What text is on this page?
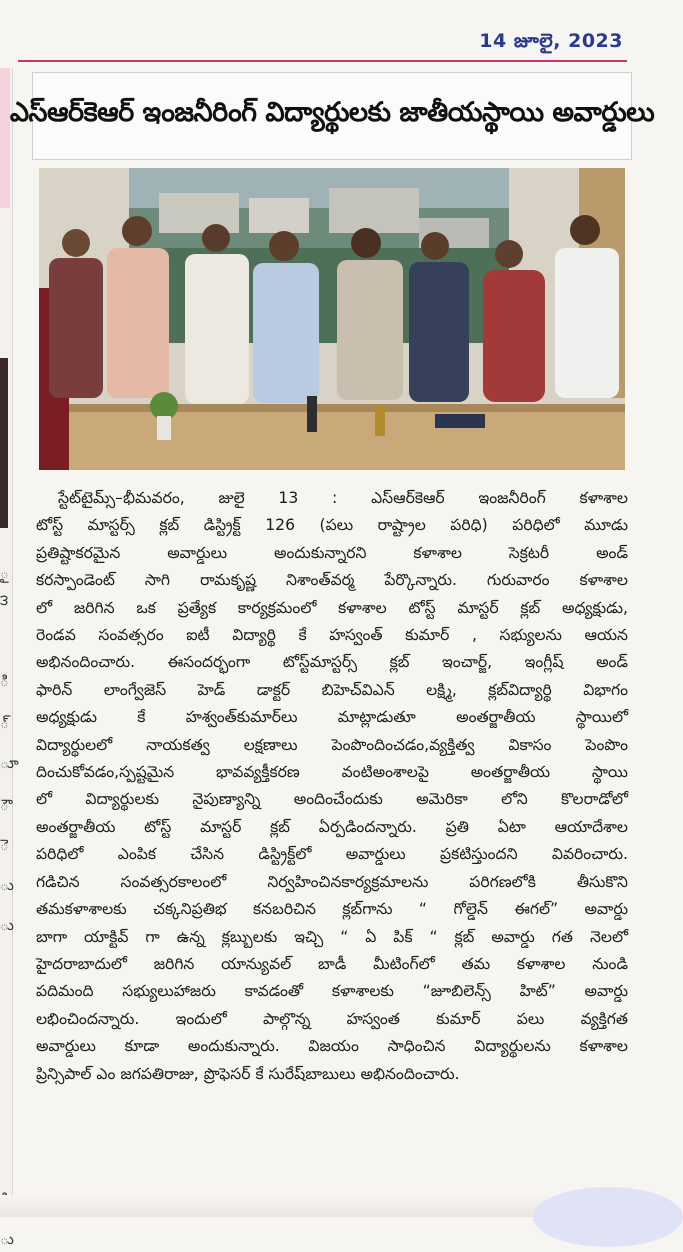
ౖ
౩
ి
్
ూ
ౌ
ె
ు
ు
ు
14 జూలై, 2023
ఎస్ఆర్‌కెఆర్ ఇంజనీరింగ్ విద్యార్థులకు జాతీయస్థాయి అవార్డులు
స్టేట్‌టైమ్స్–భీమవరం, జులై 13 : ఎస్ఆర్‌కెఆర్ ఇంజనీరింగ్ కళాశాల
టోస్ట్ మాస్టర్స్ క్లబ్ డిస్ట్రిక్ట్ 126 (పలు రాష్ట్రాల పరిధి) పరిధిలో మూడు
ప్రతిష్టాకరమైన అవార్డులు అందుకున్నారని కళాశాల సెక్రటరీ అండ్
కరస్పాండెంట్ సాగి రామకృష్ణ నిశాంత్‌వర్మ పేర్కొన్నారు. గురువారం కళాశాల
లో జరిగిన ఒక ప్రత్యేక కార్యక్రమంలో కళాశాల టోస్ట్ మాస్టర్ క్లబ్ అధ్యక్షుడు,
రెండవ సంవత్సరం ఐటీ విద్యార్థి కే హస్వంత్ కుమార్ , సభ్యులను ఆయన
అభినందించారు. ఈసందర్భంగా టోస్ట్‌మాస్టర్స్ క్లబ్ ఇంచార్జ్, ఇంగ్లీష్ అండ్
ఫారిన్ లాంగ్వేజెస్ హెడ్ డాక్టర్ బిహెచ్‌విఎన్ లక్ష్మి, క్లబ్‌విద్యార్థి విభాగం
అధ్యక్షుడు కే హశ్వంత్‌కుమార్‌లు మాట్లాడుతూ అంతర్జాతీయ స్థాయిలో
విద్యార్థులలో నాయకత్వ లక్షణాలు పెంపొందించడం,వ్యక్తిత్వ వికాసం పెంపొం
దించుకోవడం,స్పష్టమైన భావవ్యక్తీకరణ వంటిఅంశాలపై అంతర్జాతీయ స్థాయి
లో విద్యార్థులకు నైపుణ్యాన్ని అందించేందుకు అమెరికా లోని కొలరాడోలో
అంతర్జాతీయ టోస్ట్ మాస్టర్ క్లబ్ ఏర్పడిందన్నారు. ప్రతి ఏటా ఆయాదేశాల
పరిధిలో ఎంపిక చేసిన డిస్ట్రిక్ట్‌లో అవార్డులు ప్రకటిస్తుందని వివరించారు.
గడిచిన సంవత్సరకాలంలో నిర్వహించినకార్యక్రమాలను పరిగణలోకి తీసుకొని
తమకళాశాలకు చక్కనిప్రతిభ కనబరిచిన క్లబ్‌గాను “ గోల్డెన్ ఈగల్” అవార్డు
బాగా యాక్టివ్ గా ఉన్న క్లబ్బులకు ఇచ్చి “ ఏ పిక్ “ క్లబ్ అవార్డు గత నెలలో
హైదరాబాదులో జరిగిన యాన్యువల్ బాడీ మీటింగ్‌లో తమ కళాశాల నుండి
పదిమంది సభ్యులుహాజరు కావడంతో కళాశాలకు “జూబిలెన్స్ హిట్” అవార్డు
లభించిందన్నారు. ఇందులో పాల్గొన్న హస్వంత కుమార్ పలు వ్యక్తిగత
అవార్డులు కూడా అందుకున్నారు. విజయం సాధించిన విద్యార్థులను కళాశాల
ప్రిన్సిపాల్ ఎం జగపతిరాజు, ప్రొఫెసర్ కే సురేష్‌బాబులు అభినందించారు.
